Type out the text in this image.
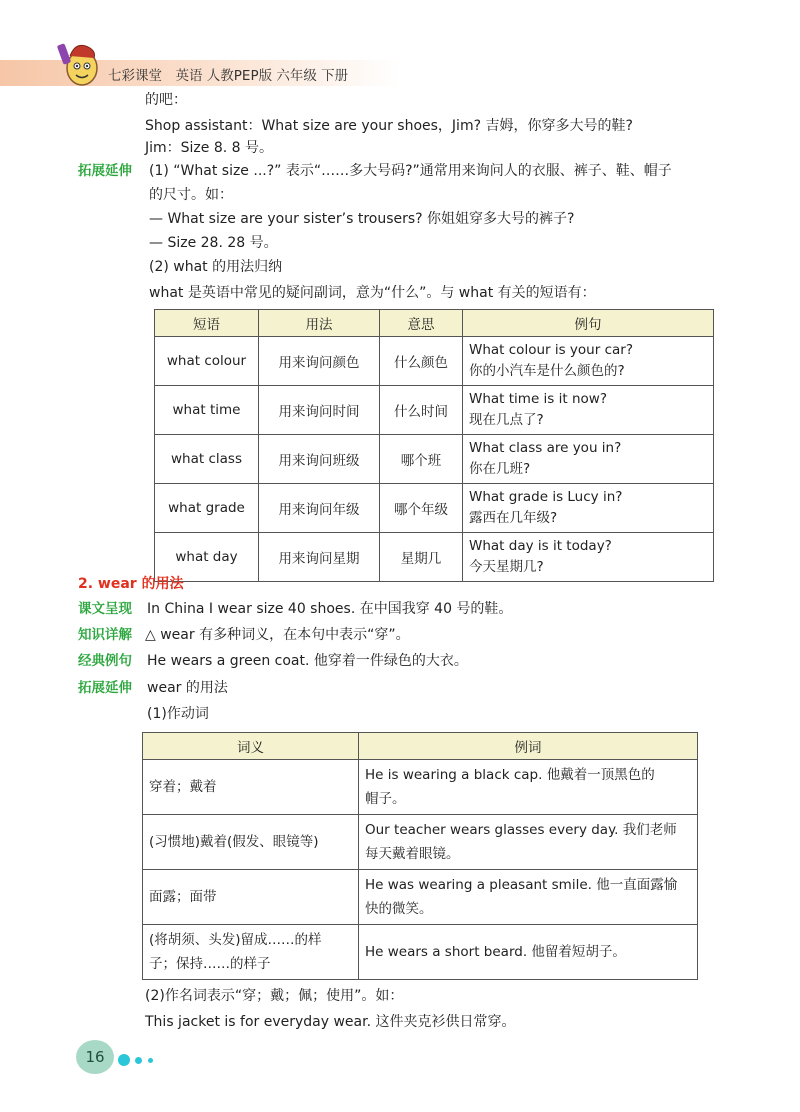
七彩课堂　英语 人教PEP版 六年级 下册
的吧：
Shop assistant：What size are your shoes，Jim? 吉姆，你穿多大号的鞋?
Jim：Size 8. 8 号。
拓展延伸 (1) “What size ...?” 表示“……多大号码?”通常用来询问人的衣服、裤子、鞋、帽子
的尺寸。如：
— What size are your sister’s trousers? 你姐姐穿多大号的裤子?
— Size 28. 28 号。
(2) what 的用法归纳
what 是英语中常见的疑问副词，意为“什么”。与 what 有关的短语有：
短语	用法	意思	例句
what colour	用来询问颜色	什么颜色	What colour is your car?
你的小汽车是什么颜色的?

what time	用来询问时间	什么时间	What time is it now?
现在几点了?

what class	用来询问班级	哪个班	What class are you in?
你在几班?

what grade	用来询问年级	哪个年级	What grade is Lucy in?
露西在几年级?

what day	用来询问星期	星期几	What day is it today?
今天星期几?
2. wear 的用法
课文呈现 In China I wear size 40 shoes. 在中国我穿 40 号的鞋。
知识详解 △ wear 有多种词义，在本句中表示“穿”。
经典例句 He wears a green coat. 他穿着一件绿色的大衣。
拓展延伸 wear 的用法
(1)作动词
词义	例词

穿着；戴着	He is wearing a black cap. 他戴着一顶黑色的
帽子。

(习惯地)戴着(假发、眼镜等)	Our teacher wears glasses every day. 我们老师
每天戴着眼镜。

面露；面带	He was wearing a pleasant smile. 他一直面露愉
快的微笑。

(将胡须、头发)留成……的样
子；保持……的样子	He wears a short beard. 他留着短胡子。
(2)作名词表示“穿；戴；佩；使用”。如：
This jacket is for everyday wear. 这件夹克衫供日常穿。
16
